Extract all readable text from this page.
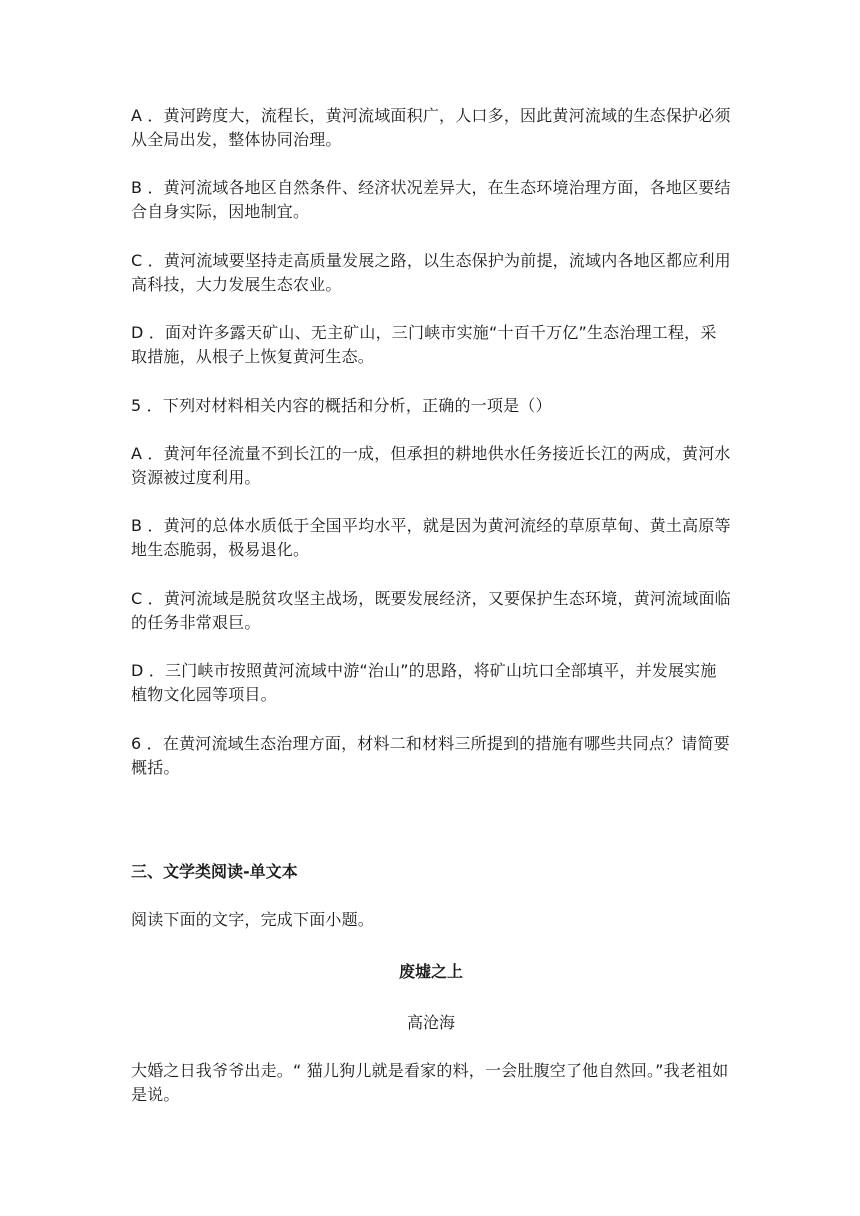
A ．黄河跨度大，流程长，黄河流域面积广，人口多，因此黄河流域的生态保护必须从全局出发，整体协同治理。

B ．黄河流域各地区自然条件、经济状况差异大，在生态环境治理方面，各地区要结合自身实际，因地制宜。

C ．黄河流域要坚持走高质量发展之路，以生态保护为前提，流域内各地区都应利用高科技，大力发展生态农业。

D ．面对许多露天矿山、无主矿山，三门峡市实施“十百千万亿”生态治理工程，采取措施，从根子上恢复黄河生态。

5 ．下列对材料相关内容的概括和分析，正确的一项是（）

A ．黄河年径流量不到长江的一成，但承担的耕地供水任务接近长江的两成，黄河水资源被过度利用。

B ．黄河的总体水质低于全国平均水平，就是因为黄河流经的草原草甸、黄土高原等地生态脆弱，极易退化。

C ．黄河流域是脱贫攻坚主战场，既要发展经济，又要保护生态环境，黄河流域面临的任务非常艰巨。

D ．三门峡市按照黄河流域中游“治山”的思路，将矿山坑口全部填平，并发展实施植物文化园等项目。

6 ．在黄河流域生态治理方面，材料二和材料三所提到的措施有哪些共同点？请简要概括。

三、文学类阅读-单文本

阅读下面的文字，完成下面小题。

废墟之上

高沧海

大婚之日我爷爷出走。“ 猫儿狗儿就是看家的料，一会肚腹空了他自然回。”我老祖如是说。
